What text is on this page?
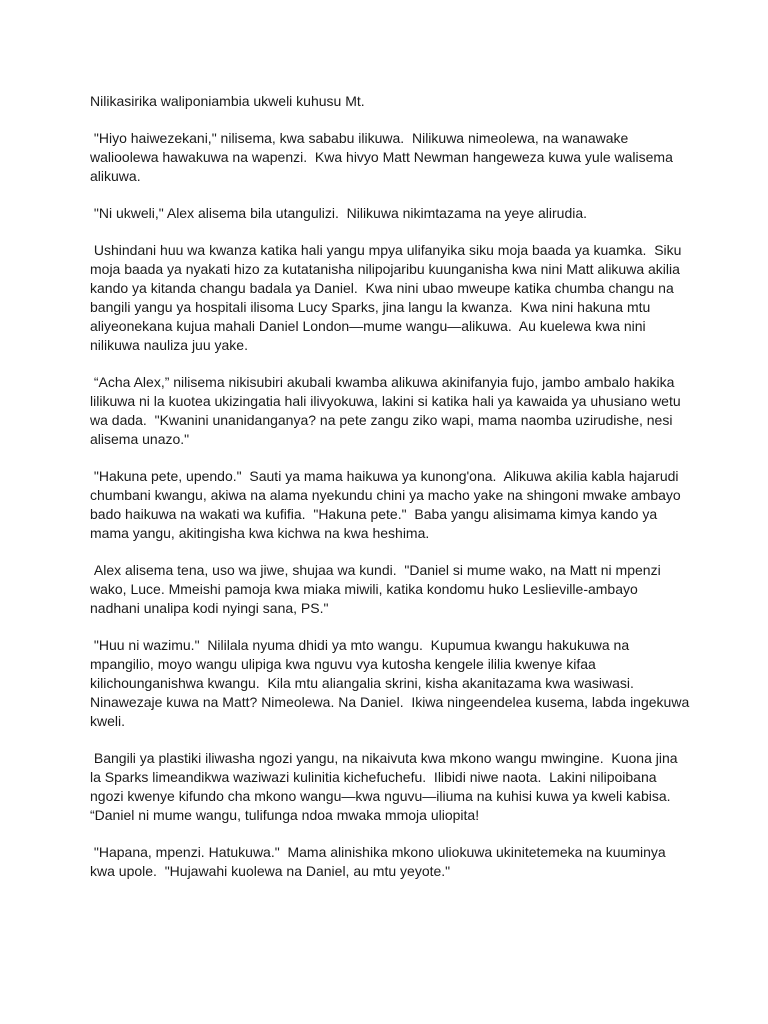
Nilikasirika waliponiambia ukweli kuhusu Mt.

"Hiyo haiwezekani," nilisema, kwa sababu ilikuwa.  Nilikuwa nimeolewa, na wanawake walioolewa hawakuwa na wapenzi.  Kwa hivyo Matt Newman hangeweza kuwa yule walisema alikuwa.

"Ni ukweli," Alex alisema bila utangulizi.  Nilikuwa nikimtazama na yeye alirudia.

Ushindani huu wa kwanza katika hali yangu mpya ulifanyika siku moja baada ya kuamka.  Siku moja baada ya nyakati hizo za kutatanisha nilipojaribu kuunganisha kwa nini Matt alikuwa akilia kando ya kitanda changu badala ya Daniel.  Kwa nini ubao mweupe katika chumba changu na bangili yangu ya hospitali ilisoma Lucy Sparks, jina langu la kwanza.  Kwa nini hakuna mtu aliyeonekana kujua mahali Daniel London—mume wangu—alikuwa.  Au kuelewa kwa nini nilikuwa nauliza juu yake.

“Acha Alex,” nilisema nikisubiri akubali kwamba alikuwa akinifanyia fujo, jambo ambalo hakika lilikuwa ni la kuotea ukizingatia hali ilivyokuwa, lakini si katika hali ya kawaida ya uhusiano wetu wa dada.  "Kwanini unanidanganya? na pete zangu ziko wapi, mama naomba uzirudishe, nesi alisema unazo."

"Hakuna pete, upendo."  Sauti ya mama haikuwa ya kunong'ona.  Alikuwa akilia kabla hajarudi chumbani kwangu, akiwa na alama nyekundu chini ya macho yake na shingoni mwake ambayo bado haikuwa na wakati wa kufifia.  "Hakuna pete."  Baba yangu alisimama kimya kando ya mama yangu, akitingisha kwa kichwa na kwa heshima.

Alex alisema tena, uso wa jiwe, shujaa wa kundi.  "Daniel si mume wako, na Matt ni mpenzi wako, Luce. Mmeishi pamoja kwa miaka miwili, katika kondomu huko Leslieville-ambayo nadhani unalipa kodi nyingi sana, PS."

"Huu ni wazimu."  Nililala nyuma dhidi ya mto wangu.  Kupumua kwangu hakukuwa na mpangilio, moyo wangu ulipiga kwa nguvu vya kutosha kengele ililia kwenye kifaa kilichounganishwa kwangu.  Kila mtu aliangalia skrini, kisha akanitazama kwa wasiwasi.  Ninawezaje kuwa na Matt? Nimeolewa. Na Daniel.  Ikiwa ningeendelea kusema, labda ingekuwa kweli.

Bangili ya plastiki iliwasha ngozi yangu, na nikaivuta kwa mkono wangu mwingine.  Kuona jina la Sparks limeandikwa waziwazi kulinitia kichefuchefu.  Ilibidi niwe naota.  Lakini nilipoibana ngozi kwenye kifundo cha mkono wangu—kwa nguvu—iliuma na kuhisi kuwa ya kweli kabisa.  “Daniel ni mume wangu, tulifunga ndoa mwaka mmoja uliopita!

"Hapana, mpenzi. Hatukuwa."  Mama alinishika mkono uliokuwa ukinitetemeka na kuuminya kwa upole.  "Hujawahi kuolewa na Daniel, au mtu yeyote."
